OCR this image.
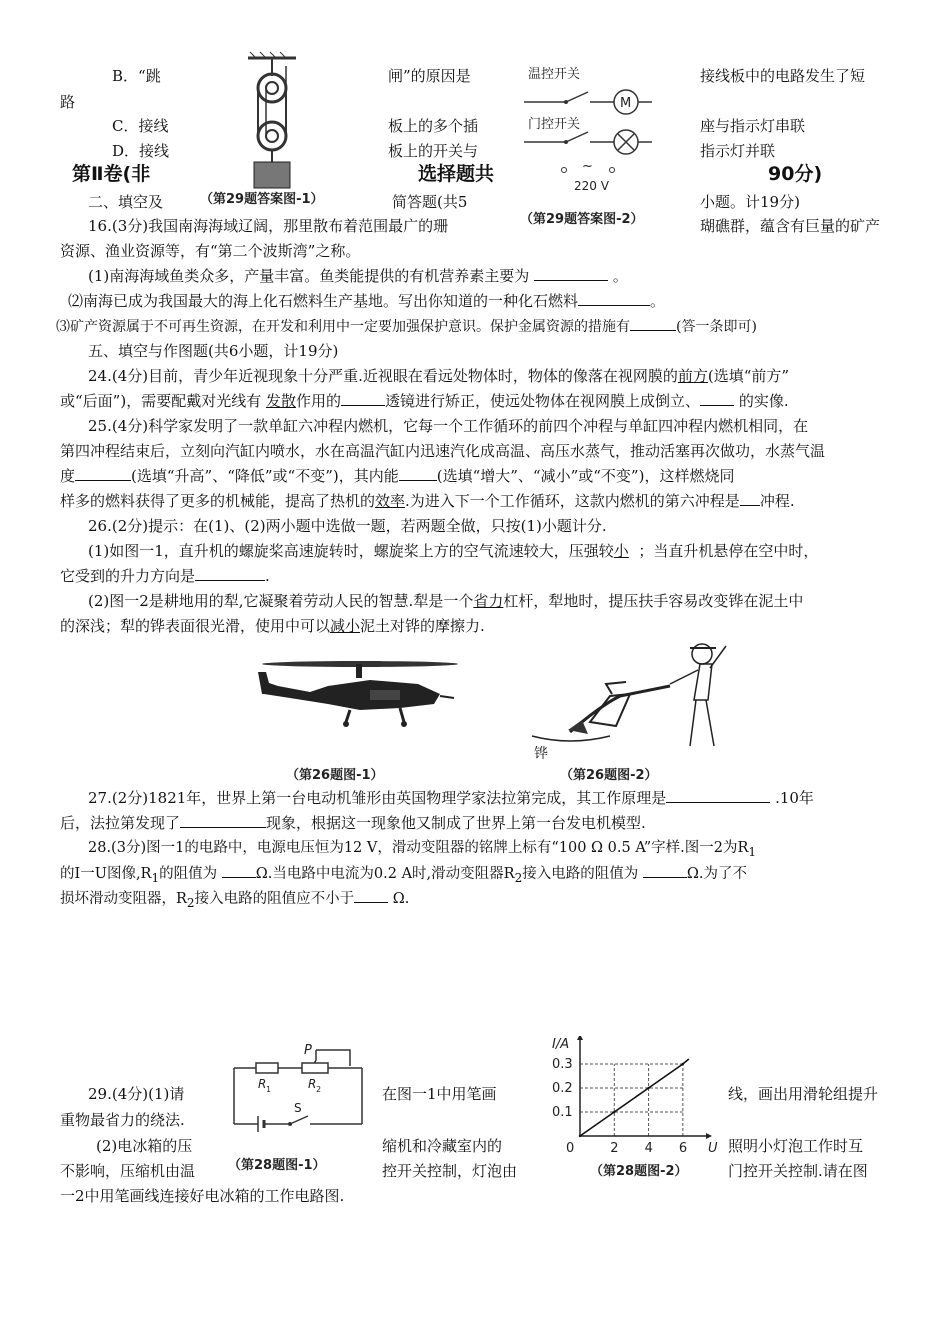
B．“跳	闸”的原因是	接线板中的电路发生了短
路
C．接线	板上的多个插	座与指示灯串联
D．接线	板上的开关与	指示灯并联
第Ⅱ卷(非	选择题共	90分)
二、填空及	简答题(共5	小题。计19分)
（第29题答案图-1）
温控开关
M
门控开关
~
220 V
（第29题答案图-2）
16.(3分)我国南海海域辽阔，那里散布着范围最广的珊	瑚礁群，蕴含有巨量的矿产
资源、渔业资源等，有“第二个波斯湾”之称。
(1)南海海域鱼类众多，产量丰富。鱼类能提供的有机营养素主要为	。
⑵南海已成为我国最大的海上化石燃料生产基地。写出你知道的一种化石燃料	。
⑶矿产资源属于不可再生资源，在开发和利用中一定要加强保护意识。保护金属资源的措施有	(答一条即可)
五、填空与作图题(共6小题，计19分)
24.(4分)目前，青少年近视现象十分严重.近视眼在看远处物体时，物体的像落在视网膜的前方(选填“前方”
或“后面”)，需要配戴对光线有 发散作用的	透镜进行矫正，使远处物体在视网膜上成倒立、	的实像.
25.(4分)科学家发明了一款单缸六冲程内燃机，它每一个工作循环的前四个冲程与单缸四冲程内燃机相同，在
第四冲程结束后，立刻向汽缸内喷水，水在高温汽缸内迅速汽化成高温、高压水蒸气，推动活塞再次做功，水蒸气温
度	(选填“升高”、“降低”或“不变”)，其内能	(选填“增大”、“减小”或“不变”)，这样燃烧同
样多的燃料获得了更多的机械能，提高了热机的效率.为进入下一个工作循环，这款内燃机的第六冲程是 冲程.
26.(2分)提示：在(1)、(2)两小题中选做一题，若两题全做，只按(1)小题计分.
(1)如图一1，直升机的螺旋桨高速旋转时，螺旋桨上方的空气流速较大，压强较小 ；当直升机悬停在空中时，
它受到的升力方向是	.
(2)图一2是耕地用的犁,它凝聚着劳动人民的智慧.犁是一个省力杠杆，犁地时，提压扶手容易改变铧在泥土中
的深浅；犁的铧表面很光滑，使用中可以减小泥土对铧的摩擦力.
（第26题图-1）
铧
（第26题图-2）
27.(2分)1821年，世界上第一台电动机雏形由英国物理学家法拉第完成，其工作原理是	.10年
后，法拉第发现了	现象，根据这一现象他又制成了世界上第一台发电机模型.
28.(3分)图一1的电路中，电源电压恒为12 V，滑动变阻器的铭牌上标有“100 Ω 0.5 A”字样.图一2为$R_1$
的I一U图像$,R_1$的阻值为	Ω.当电路中电流为0.2 A时,滑动变阻器$R_2$接入电路的阻值为	Ω.为了不
损坏滑动变阻器，$R_2$接入电路的阻值应不小于	Ω.
P
R 1	R 2
S
（第28题图-1）
2 4 6
0.1
0.2
0.3
0	U
I/A
（第28题图-2）
29.(4分)(1)请	在图一1中用笔画	线，画出用滑轮组提升
重物最省力的绕法.
(2)电冰箱的压	缩机和冷藏室内的	照明小灯泡工作时互
不影响，压缩机由温	控开关控制，灯泡由	门控开关控制.请在图
一2中用笔画线连接好电冰箱的工作电路图.
